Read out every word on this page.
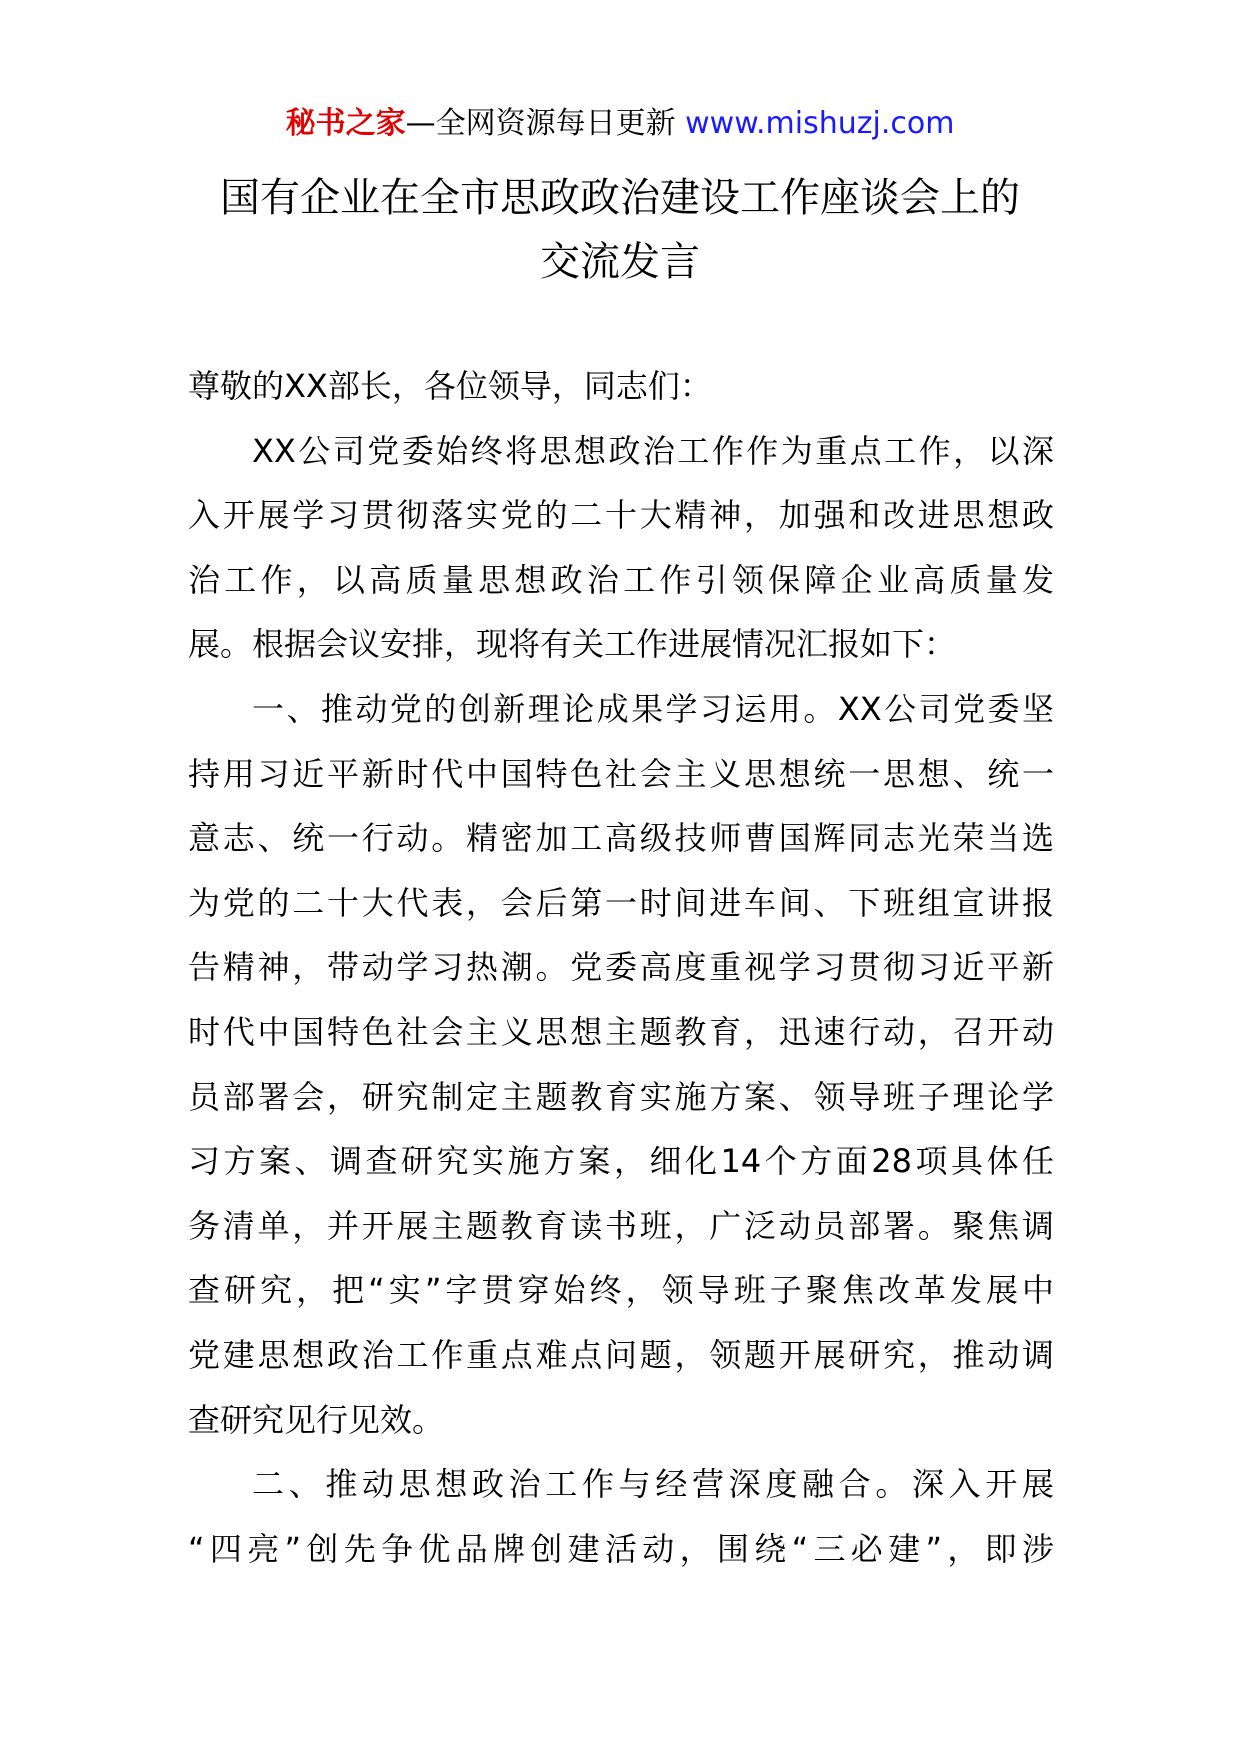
秘书之家—全网资源每日更新 www.mishuzj.com
国有企业在全市思政政治建设工作座谈会上的
交流发言
尊敬的XX部长，各位领导，同志们：
XX公司党委始终将思想政治工作作为重点工作，以深
入开展学习贯彻落实党的二十大精神，加强和改进思想政
治工作，以高质量思想政治工作引领保障企业高质量发
展。根据会议安排，现将有关工作进展情况汇报如下：
一、推动党的创新理论成果学习运用。XX公司党委坚
持用习近平新时代中国特色社会主义思想统一思想、统一
意志、统一行动。精密加工高级技师曹国辉同志光荣当选
为党的二十大代表，会后第一时间进车间、下班组宣讲报
告精神，带动学习热潮。党委高度重视学习贯彻习近平新
时代中国特色社会主义思想主题教育，迅速行动，召开动
员部署会，研究制定主题教育实施方案、领导班子理论学
习方案、调查研究实施方案，细化14个方面28项具体任
务清单，并开展主题教育读书班，广泛动员部署。聚焦调
查研究，把“实”字贯穿始终，领导班子聚焦改革发展中
党建思想政治工作重点难点问题，领题开展研究，推动调
查研究见行见效。
二、推动思想政治工作与经营深度融合。深入开展
“四亮”创先争优品牌创建活动，围绕“三必建”，即涉
